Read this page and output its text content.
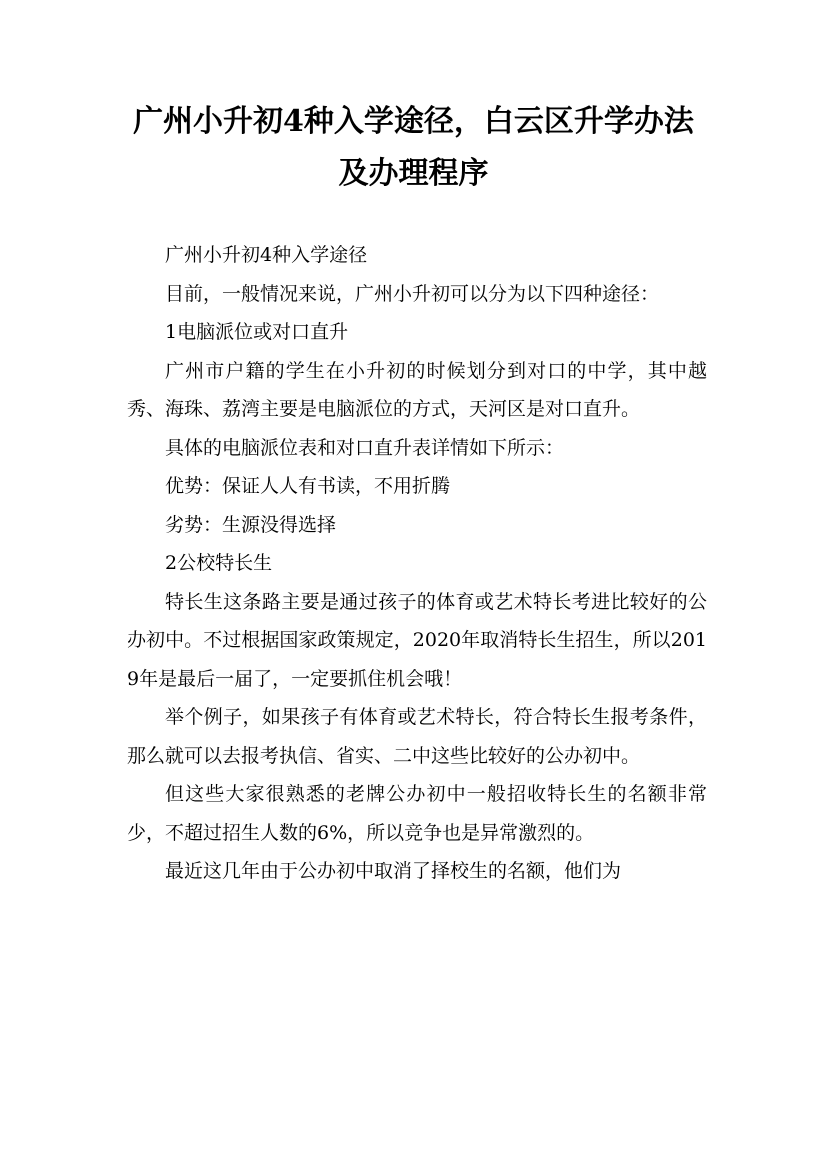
广州小升初4种入学途径，白云区升学办法
及办理程序

广州小升初4种入学途径

目前，一般情况来说，广州小升初可以分为以下四种途径：

1电脑派位或对口直升

广州市户籍的学生在小升初的时候划分到对口的中学，其中越秀、海珠、荔湾主要是电脑派位的方式，天河区是对口直升。

具体的电脑派位表和对口直升表详情如下所示：

优势：保证人人有书读，不用折腾

劣势：生源没得选择

2公校特长生

特长生这条路主要是通过孩子的体育或艺术特长考进比较好的公办初中。不过根据国家政策规定，2020年取消特长生招生，所以2019年是最后一届了，一定要抓住机会哦！

举个例子，如果孩子有体育或艺术特长，符合特长生报考条件，那么就可以去报考执信、省实、二中这些比较好的公办初中。

但这些大家很熟悉的老牌公办初中一般招收特长生的名额非常少，不超过招生人数的6%，所以竞争也是异常激烈的。

最近这几年由于公办初中取消了择校生的名额，他们为
